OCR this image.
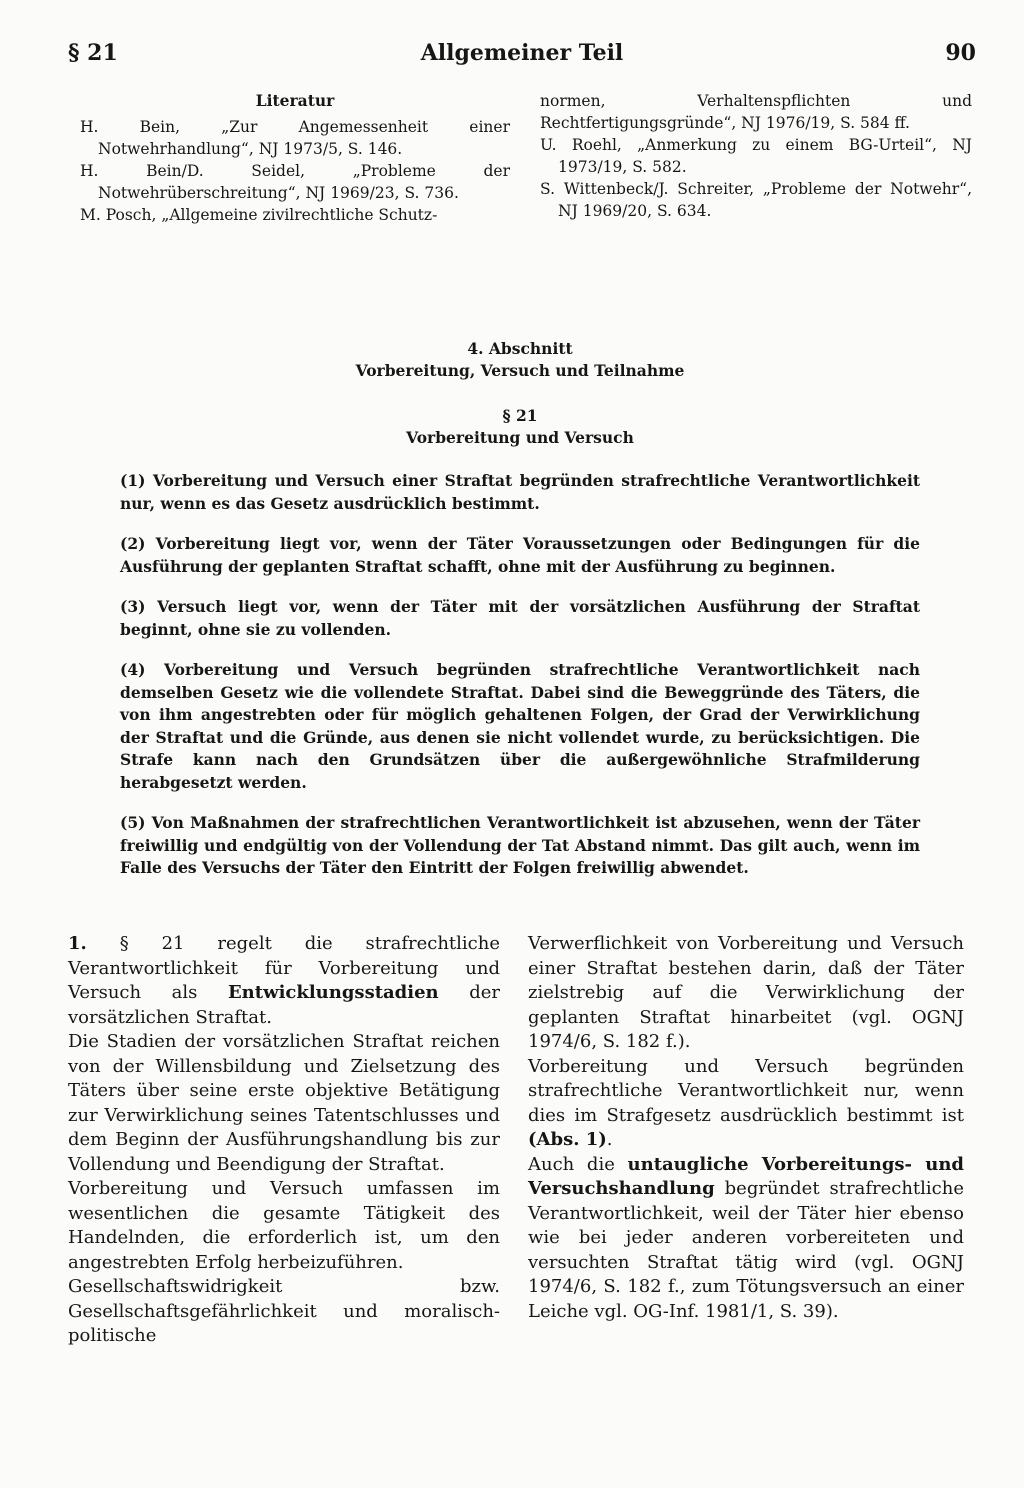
§ 21	Allgemeiner Teil	90
Literatur

H. Bein, „Zur Angemessenheit einer Notwehrhandlung“, NJ 1973/5, S. 146.

H. Bein/D. Seidel, „Probleme der Notwehrüberschreitung“, NJ 1969/23, S. 736.

M. Posch, „Allgemeine zivilrechtliche Schutz-

normen, Verhaltenspflichten und Rechtfertigungsgründe“, NJ 1976/19, S. 584 ff.

U. Roehl, „Anmerkung zu einem BG-Urteil“, NJ 1973/19, S. 582.

S. Wittenbeck/J. Schreiter, „Probleme der Notwehr“, NJ 1969/20, S. 634.

4. Abschnitt
Vorbereitung, Versuch und Teilnahme
§ 21
Vorbereitung und Versuch

(1) Vorbereitung und Versuch einer Straftat begründen strafrechtliche Verantwortlichkeit nur, wenn es das Gesetz ausdrücklich bestimmt.

(2) Vorbereitung liegt vor, wenn der Täter Voraussetzungen oder Bedingungen für die Ausführung der geplanten Straftat schafft, ohne mit der Ausführung zu beginnen.

(3) Versuch liegt vor, wenn der Täter mit der vorsätzlichen Ausführung der Straftat beginnt, ohne sie zu vollenden.

(4) Vorbereitung und Versuch begründen strafrechtliche Verantwortlichkeit nach demselben Gesetz wie die vollendete Straftat. Dabei sind die Beweggründe des Täters, die von ihm angestrebten oder für möglich gehaltenen Folgen, der Grad der Verwirklichung der Straftat und die Gründe, aus denen sie nicht vollendet wurde, zu berücksichtigen. Die Strafe kann nach den Grundsätzen über die außergewöhnliche Strafmilderung herabgesetzt werden.

(5) Von Maßnahmen der strafrechtlichen Verantwortlichkeit ist abzusehen, wenn der Täter freiwillig und endgültig von der Vollendung der Tat Abstand nimmt. Das gilt auch, wenn im Falle des Versuchs der Täter den Eintritt der Folgen freiwillig abwendet.

1. § 21 regelt die strafrechtliche Verantwortlichkeit für Vorbereitung und Versuch als Entwicklungsstadien der vorsätzlichen Straftat.

Die Stadien der vorsätzlichen Straftat reichen von der Willensbildung und Zielsetzung des Täters über seine erste objektive Betätigung zur Verwirklichung seines Tatentschlusses und dem Beginn der Ausführungshandlung bis zur Vollendung und Beendigung der Straftat.

Vorbereitung und Versuch umfassen im wesentlichen die gesamte Tätigkeit des Handelnden, die erforderlich ist, um den angestrebten Erfolg herbeizuführen.

Gesellschaftswidrigkeit bzw. Gesellschaftsgefährlichkeit und moralisch-politische

Verwerflichkeit von Vorbereitung und Versuch einer Straftat bestehen darin, daß der Täter zielstrebig auf die Verwirklichung der geplanten Straftat hinarbeitet (vgl. OGNJ 1974/6, S. 182 f.).

Vorbereitung und Versuch begründen strafrechtliche Verantwortlichkeit nur, wenn dies im Strafgesetz ausdrücklich bestimmt ist (Abs. 1).

Auch die untaugliche Vorbereitungs- und Versuchshandlung begründet strafrechtliche Verantwortlichkeit, weil der Täter hier ebenso wie bei jeder anderen vorbereiteten und versuchten Straftat tätig wird (vgl. OGNJ 1974/6, S. 182 f., zum Tötungsversuch an einer Leiche vgl. OG-Inf. 1981/1, S. 39).
